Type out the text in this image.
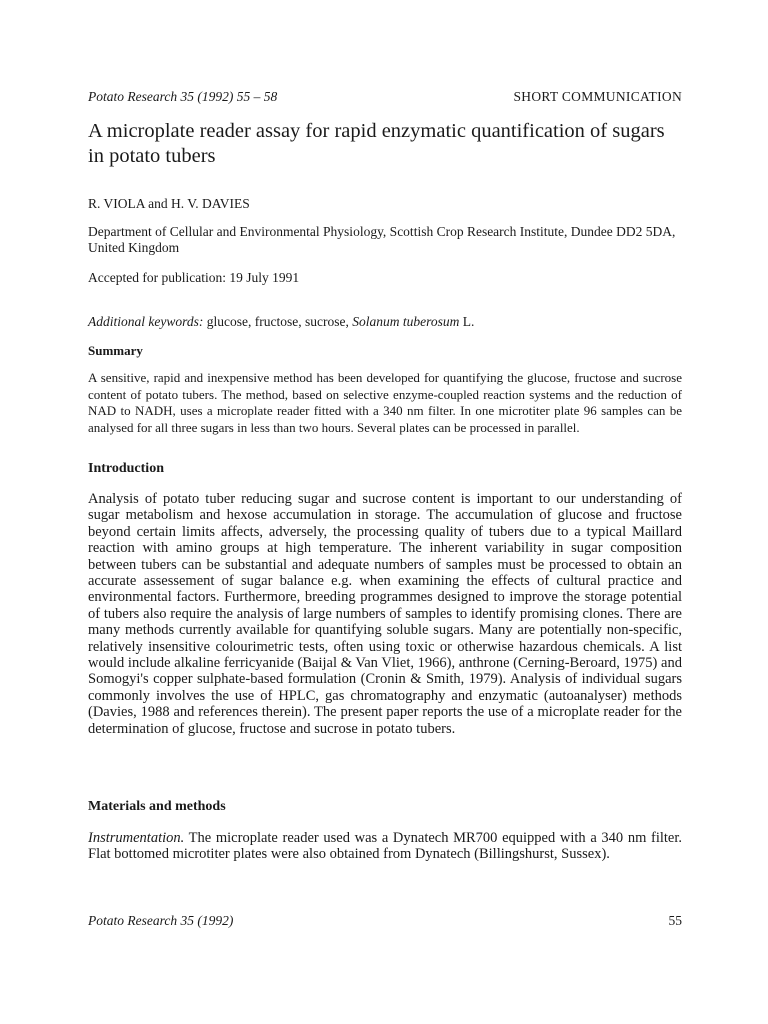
Potato Research 35 (1992) 55 – 58	SHORT COMMUNICATION
A microplate reader assay for rapid enzymatic quantification of sugars in potato tubers
R. VIOLA and H. V. DAVIES
Department of Cellular and Environmental Physiology, Scottish Crop Research Institute, Dundee DD2 5DA, United Kingdom
Accepted for publication: 19 July 1991
Additional keywords: glucose, fructose, sucrose, Solanum tuberosum L.
Summary

A sensitive, rapid and inexpensive method has been developed for quantifying the glucose, fructose and sucrose content of potato tubers. The method, based on selective enzyme-coupled reaction systems and the reduction of NAD to NADH, uses a microplate reader fitted with a 340 nm filter. In one microtiter plate 96 samples can be analysed for all three sugars in less than two hours. Several plates can be processed in parallel.

Introduction

Analysis of potato tuber reducing sugar and sucrose content is important to our understanding of sugar metabolism and hexose accumulation in storage. The accumulation of glucose and fructose beyond certain limits affects, adversely, the processing quality of tubers due to a typical Maillard reaction with amino groups at high temperature. The inherent variability in sugar composition between tubers can be substantial and adequate numbers of samples must be processed to obtain an accurate assessement of sugar balance e.g. when examining the effects of cultural practice and environmental factors. Furthermore, breeding programmes designed to improve the storage potential of tubers also require the analysis of large numbers of samples to identify promising clones. There are many methods currently available for quantifying soluble sugars. Many are potentially non-specific, relatively insensitive colourimetric tests, often using toxic or otherwise hazardous chemicals. A list would include alkaline ferricyanide (Baijal & Van Vliet, 1966), anthrone (Cerning-Beroard, 1975) and Somogyi's copper sulphate-based formulation (Cronin & Smith, 1979). Analysis of individual sugars commonly involves the use of HPLC, gas chromatography and enzymatic (autoanalyser) methods (Davies, 1988 and references therein). The present paper reports the use of a microplate reader for the determination of glucose, fructose and sucrose in potato tubers.

Materials and methods

Instrumentation. The microplate reader used was a Dynatech MR700 equipped with a 340 nm filter. Flat bottomed microtiter plates were also obtained from Dynatech (Billingshurst, Sussex).

Potato Research 35 (1992)	55
